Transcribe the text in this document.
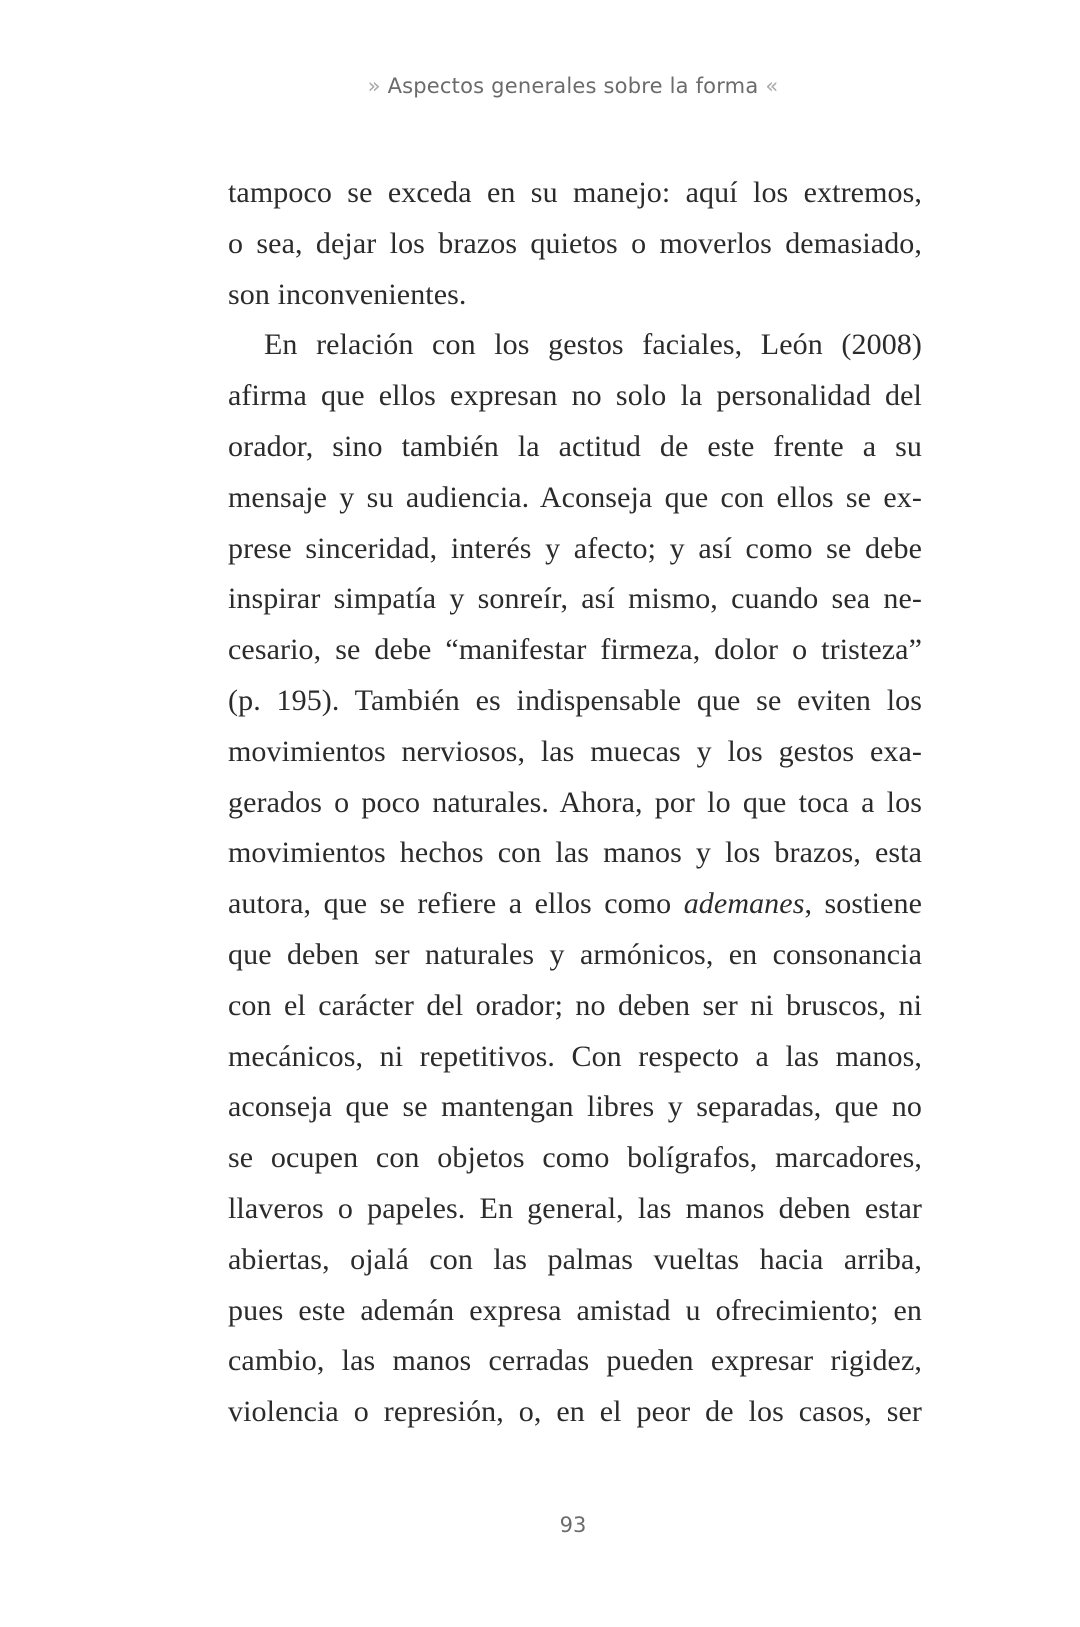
» Aspectos generales sobre la forma «
tampoco se exceda en su manejo: aquí los extremos,
o sea, dejar los brazos quietos o moverlos demasiado,
son inconvenientes.
En relación con los gestos faciales, León (2008)
afirma que ellos expresan no solo la personalidad del
orador, sino también la actitud de este frente a su
mensaje y su audiencia. Aconseja que con ellos se ex-
prese sinceridad, interés y afecto; y así como se debe
inspirar simpatía y sonreír, así mismo, cuando sea ne-
cesario, se debe “manifestar firmeza, dolor o tristeza”
(p. 195). También es indispensable que se eviten los
movimientos nerviosos, las muecas y los gestos exa-
gerados o poco naturales. Ahora, por lo que toca a los
movimientos hechos con las manos y los brazos, esta
autora, que se refiere a ellos como ademanes, sostiene
que deben ser naturales y armónicos, en consonancia
con el carácter del orador; no deben ser ni bruscos, ni
mecánicos, ni repetitivos. Con respecto a las manos,
aconseja que se mantengan libres y separadas, que no
se ocupen con objetos como bolígrafos, marcadores,
llaveros o papeles. En general, las manos deben estar
abiertas, ojalá con las palmas vueltas hacia arriba,
pues este ademán expresa amistad u ofrecimiento; en
cambio, las manos cerradas pueden expresar rigidez,
violencia o represión, o, en el peor de los casos, ser
93
